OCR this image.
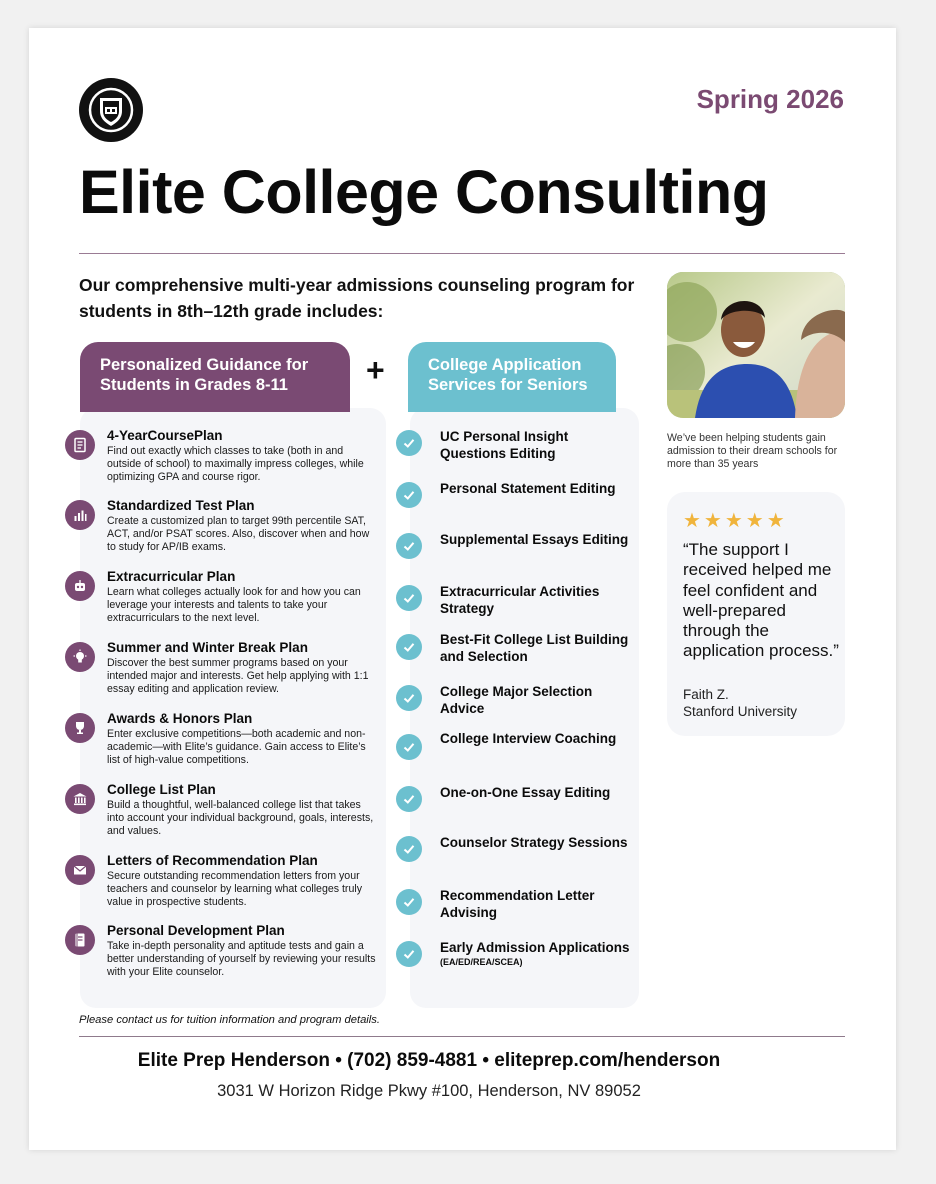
Spring 2026
Elite College Consulting
Our comprehensive multi-year admissions counseling program for students in 8th–12th grade includes:
Personalized Guidance for Students in Grades 8-11	+	College Application Services for Seniors
4-YearCoursePlan
Find out exactly which classes to take (both in and outside of school) to maximally impress colleges, while optimizing GPA and course rigor.
Standardized Test Plan
Create a customized plan to target 99th percentile SAT, ACT, and/or PSAT scores. Also, discover when and how to study for AP/IB exams.
Extracurricular Plan
Learn what colleges actually look for and how you can leverage your interests and talents to take your extracurriculars to the next level.
Summer and Winter Break Plan
Discover the best summer programs based on your intended major and interests. Get help applying with 1:1 essay editing and application review.
Awards & Honors Plan
Enter exclusive competitions—both academic and non-academic—with Elite’s guidance. Gain access to Elite’s list of high-value competitions.
College List Plan
Build a thoughtful, well-balanced college list that takes into account your individual background, goals, interests, and values.
Letters of Recommendation Plan
Secure outstanding recommendation letters from your teachers and counselor by learning what colleges truly value in prospective students.
Personal Development Plan
Take in-depth personality and aptitude tests and gain a better understanding of yourself by reviewing your results with your Elite counselor.
UC Personal Insight Questions Editing
Personal Statement Editing
Supplemental Essays Editing
Extracurricular Activities Strategy
Best-Fit College List Building and Selection
College Major Selection Advice
College Interview Coaching
One-on-One Essay Editing
Counselor Strategy Sessions
Recommendation Letter Advising
Early Admission Applications
(EA/ED/REA/SCEA)
We’ve been helping students gain admission to their dream schools for more than 35 years
★★★★★
“The support I received helped me feel confident and well-prepared through the application process.”
Faith Z.
Stanford University
Please contact us for tuition information and program details.
Elite Prep Henderson • (702) 859-4881 • eliteprep.com/henderson
3031 W Horizon Ridge Pkwy #100, Henderson, NV 89052
